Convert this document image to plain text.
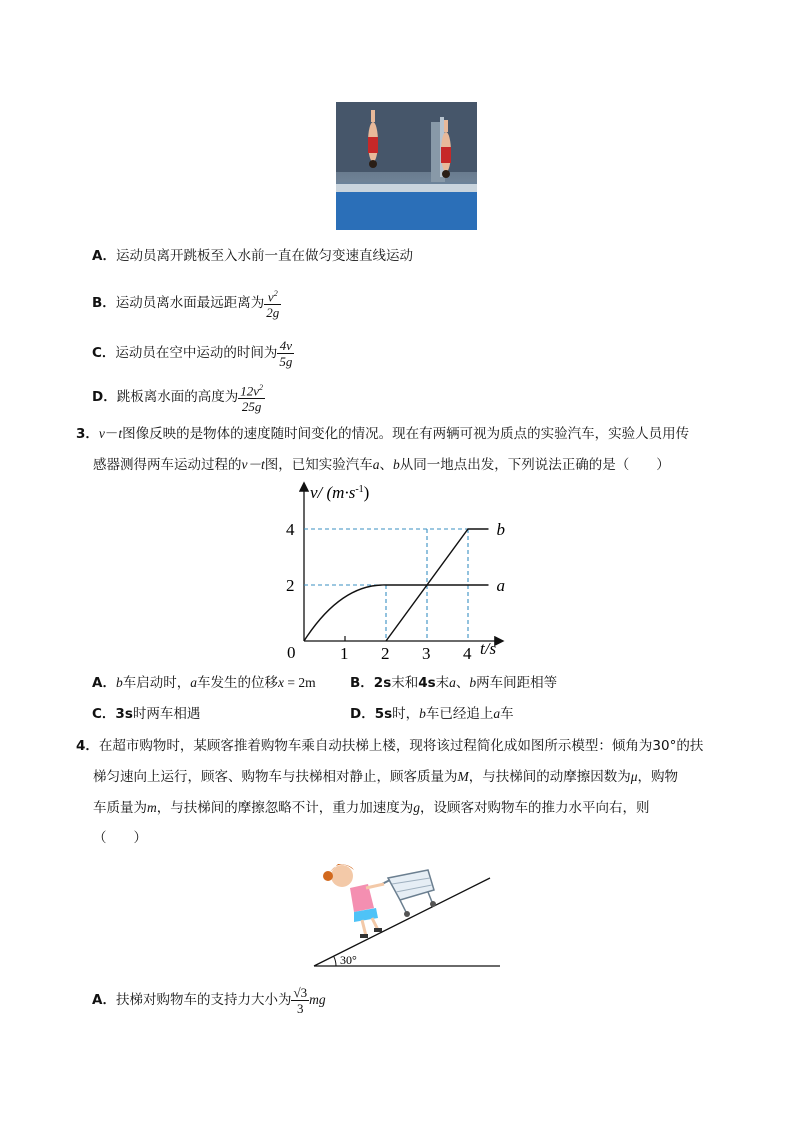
A．运动员离开跳板至入水前一直在做匀变速直线运动
B．运动员离水面最远距离为 $\frac{v^2}{2g}$
C．运动员在空中运动的时间为 $\frac{4v}{5g}$
D．跳板离水面的高度为 $\frac{12v^2}{25g}$
3．v－t图像反映的是物体的速度随时间变化的情况。现在有两辆可视为质点的实验汽车，实验人员用传
感器测得两车运动过程的v－t图，已知实验汽车a、b从同一地点出发，下列说法正确的是（　　）
2
4
1 2 3 4
a
b
v/ $(m\cdot s^{-1})$
t/s
0
A．b车启动时，a车发生的位移x = 2m	B．2s末和4s末a、b两车间距相等
C．3s时两车相遇	D．5s时，b车已经追上a车
4．在超市购物时，某顾客推着购物车乘自动扶梯上楼，现将该过程简化成如图所示模型：倾角为30°的扶
梯匀速向上运行，顾客、购物车与扶梯相对静止，顾客质量为M，与扶梯间的动摩擦因数为μ，购物
车质量为m，与扶梯间的摩擦忽略不计，重力加速度为g，设顾客对购物车的推力水平向右，则
（　　）
30°
A．扶梯对购物车的支持力大小为 $\frac{√3}{3}$ mg
